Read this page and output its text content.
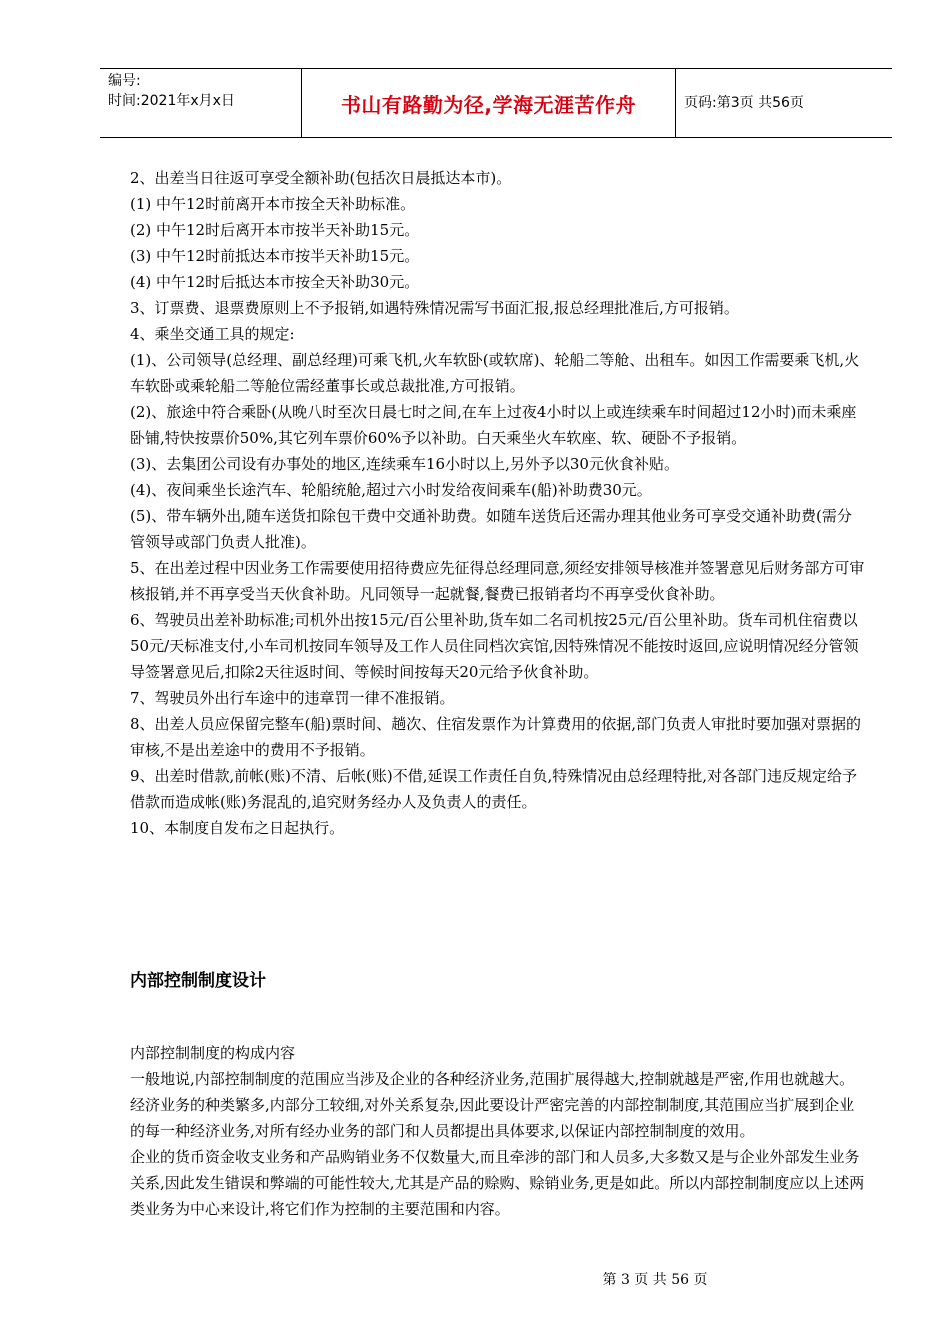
编号:
时间:2021年x月x日	书山有路勤为径,学海无涯苦作舟	页码:第3页 共56页

2、出差当日往返可享受全额补助(包括次日晨抵达本市)。

(1) 中午12时前离开本市按全天补助标准。

(2) 中午12时后离开本市按半天补助15元。

(3) 中午12时前抵达本市按半天补助15元。

(4) 中午12时后抵达本市按全天补助30元。

3、订票费、退票费原则上不予报销,如遇特殊情况需写书面汇报,报总经理批准后,方可报销。

4、乘坐交通工具的规定:

(1)、公司领导(总经理、副总经理)可乘飞机,火车软卧(或软席)、轮船二等舱、出租车。如因工作需要乘飞机,火车软卧或乘轮船二等舱位需经董事长或总裁批准,方可报销。

(2)、旅途中符合乘卧(从晚八时至次日晨七时之间,在车上过夜4小时以上或连续乘车时间超过12小时)而未乘座卧铺,特快按票价50%,其它列车票价60%予以补助。白天乘坐火车软座、软、硬卧不予报销。

(3)、去集团公司设有办事处的地区,连续乘车16小时以上,另外予以30元伙食补贴。

(4)、夜间乘坐长途汽车、轮船统舱,超过六小时发给夜间乘车(船)补助费30元。

(5)、带车辆外出,随车送货扣除包干费中交通补助费。如随车送货后还需办理其他业务可享受交通补助费(需分管领导或部门负责人批准)。

5、在出差过程中因业务工作需要使用招待费应先征得总经理同意,须经安排领导核准并签署意见后财务部方可审核报销,并不再享受当天伙食补助。凡同领导一起就餐,餐费已报销者均不再享受伙食补助。

6、驾驶员出差补助标准;司机外出按15元/百公里补助,货车如二名司机按25元/百公里补助。货车司机住宿费以50元/天标准支付,小车司机按同车领导及工作人员住同档次宾馆,因特殊情况不能按时返回,应说明情况经分管领导签署意见后,扣除2天往返时间、等候时间按每天20元给予伙食补助。

7、驾驶员外出行车途中的违章罚一律不准报销。

8、出差人员应保留完整车(船)票时间、趟次、住宿发票作为计算费用的依据,部门负责人审批时要加强对票据的审核,不是出差途中的费用不予报销。

9、出差时借款,前帐(账)不清、后帐(账)不借,延误工作责任自负,特殊情况由总经理特批,对各部门违反规定给予借款而造成帐(账)务混乱的,追究财务经办人及负责人的责任。

10、本制度自发布之日起执行。

内部控制制度设计

内部控制制度的构成内容

一般地说,内部控制制度的范围应当涉及企业的各种经济业务,范围扩展得越大,控制就越是严密,作用也就越大。经济业务的种类繁多,内部分工较细,对外关系复杂,因此要设计严密完善的内部控制制度,其范围应当扩展到企业的每一种经济业务,对所有经办业务的部门和人员都提出具体要求,以保证内部控制制度的效用。

企业的货币资金收支业务和产品购销业务不仅数量大,而且牵涉的部门和人员多,大多数又是与企业外部发生业务关系,因此发生错误和弊端的可能性较大,尤其是产品的赊购、赊销业务,更是如此。所以内部控制制度应以上述两类业务为中心来设计,将它们作为控制的主要范围和内容。

第 3 页 共 56 页
